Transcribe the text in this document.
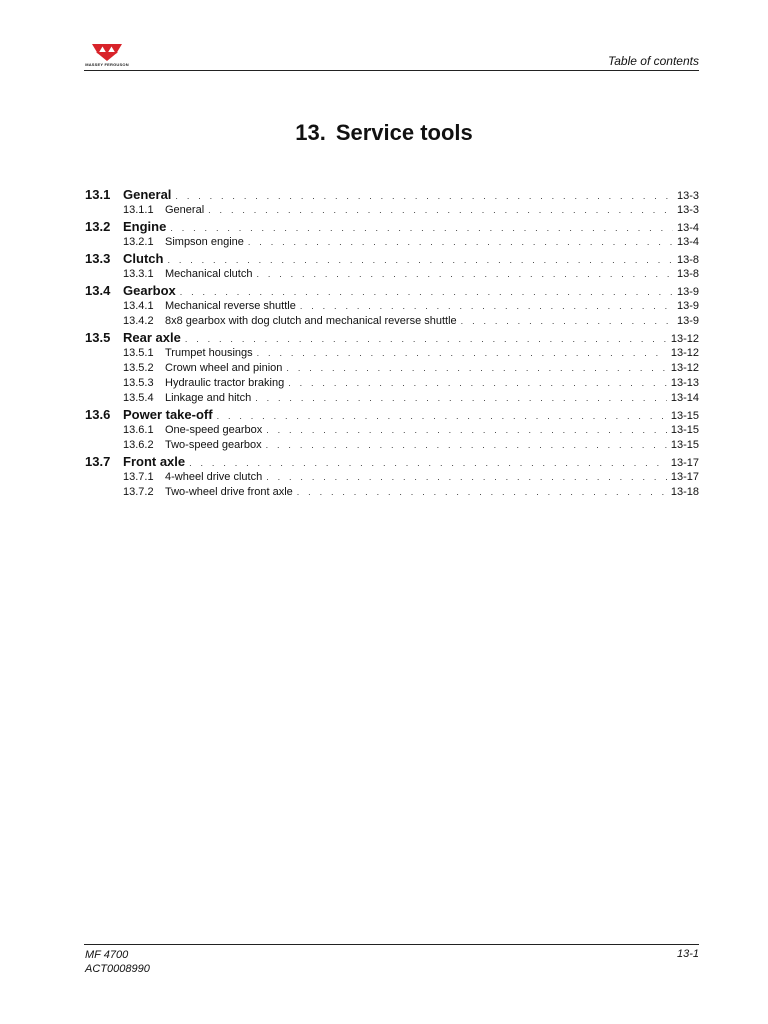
MASSEY FERGUSON	Table of contents
13. Service tools
13.1 General . . .	13-3
13.1.1	General . . .	13-3
13.2 Engine . . .	13-4
13.2.1	Simpson engine . . .	13-4
13.3 Clutch . . .	13-8
13.3.1	Mechanical clutch . . .	13-8
13.4 Gearbox . . .	13-9
13.4.1	Mechanical reverse shuttle . . .	13-9
13.4.2	8x8 gearbox with dog clutch and mechanical reverse shuttle . . .	13-9
13.5 Rear axle . . .	13-12
13.5.1	Trumpet housings . . .	13-12
13.5.2	Crown wheel and pinion . . .	13-12
13.5.3	Hydraulic tractor braking . . .	13-13
13.5.4	Linkage and hitch . . .	13-14
13.6 Power take-off . . .	13-15
13.6.1	One-speed gearbox . . .	13-15
13.6.2	Two-speed gearbox . . .	13-15
13.7 Front axle . . .	13-17
13.7.1	4-wheel drive clutch . . .	13-17
13.7.2	Two-wheel drive front axle . . .	13-18
MF 4700
ACT0008990
13-1
